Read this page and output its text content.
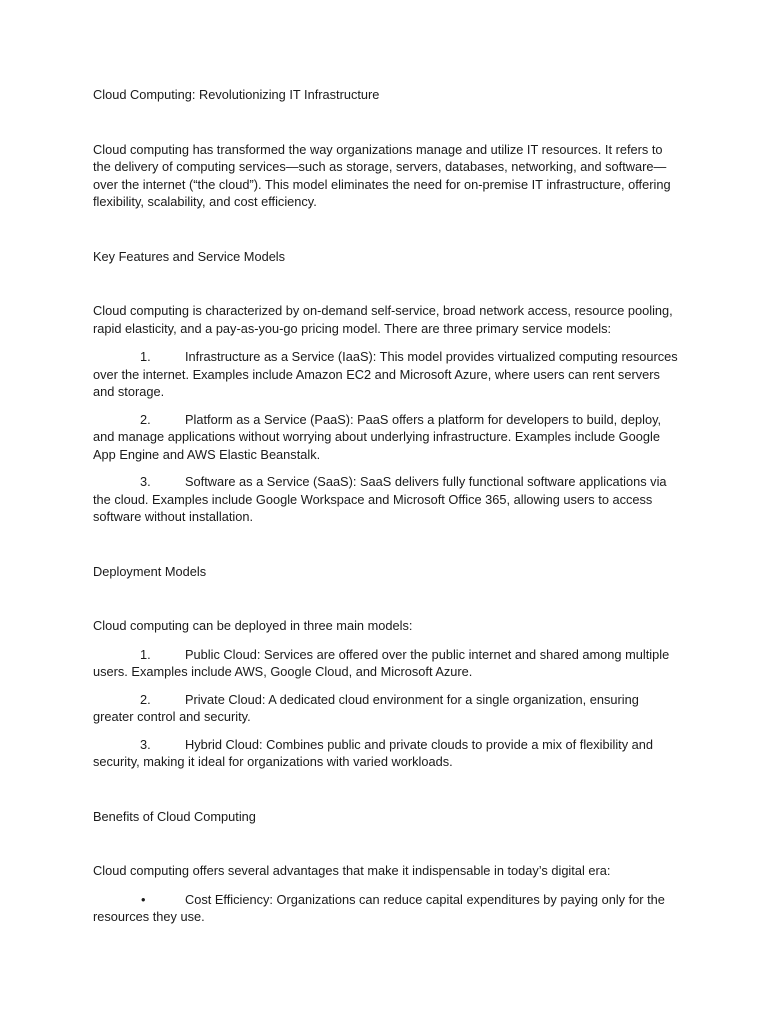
Cloud Computing: Revolutionizing IT Infrastructure

Cloud computing has transformed the way organizations manage and utilize IT resources. It refers to the delivery of computing services—such as storage, servers, databases, networking, and software—over the internet (“the cloud”). This model eliminates the need for on-premise IT infrastructure, offering flexibility, scalability, and cost efficiency.

Key Features and Service Models

Cloud computing is characterized by on-demand self-service, broad network access, resource pooling, rapid elasticity, and a pay-as-you-go pricing model. There are three primary service models:

1.	Infrastructure as a Service (IaaS): This model provides virtualized computing resources over the internet. Examples include Amazon EC2 and Microsoft Azure, where users can rent servers and storage.
2.	Platform as a Service (PaaS): PaaS offers a platform for developers to build, deploy, and manage applications without worrying about underlying infrastructure. Examples include Google App Engine and AWS Elastic Beanstalk.
3.	Software as a Service (SaaS): SaaS delivers fully functional software applications via the cloud. Examples include Google Workspace and Microsoft Office 365, allowing users to access software without installation.

Deployment Models

Cloud computing can be deployed in three main models:

1.	Public Cloud: Services are offered over the public internet and shared among multiple users. Examples include AWS, Google Cloud, and Microsoft Azure.
2.	Private Cloud: A dedicated cloud environment for a single organization, ensuring greater control and security.
3.	Hybrid Cloud: Combines public and private clouds to provide a mix of flexibility and security, making it ideal for organizations with varied workloads.

Benefits of Cloud Computing

Cloud computing offers several advantages that make it indispensable in today’s digital era:

•	Cost Efficiency: Organizations can reduce capital expenditures by paying only for the resources they use.
